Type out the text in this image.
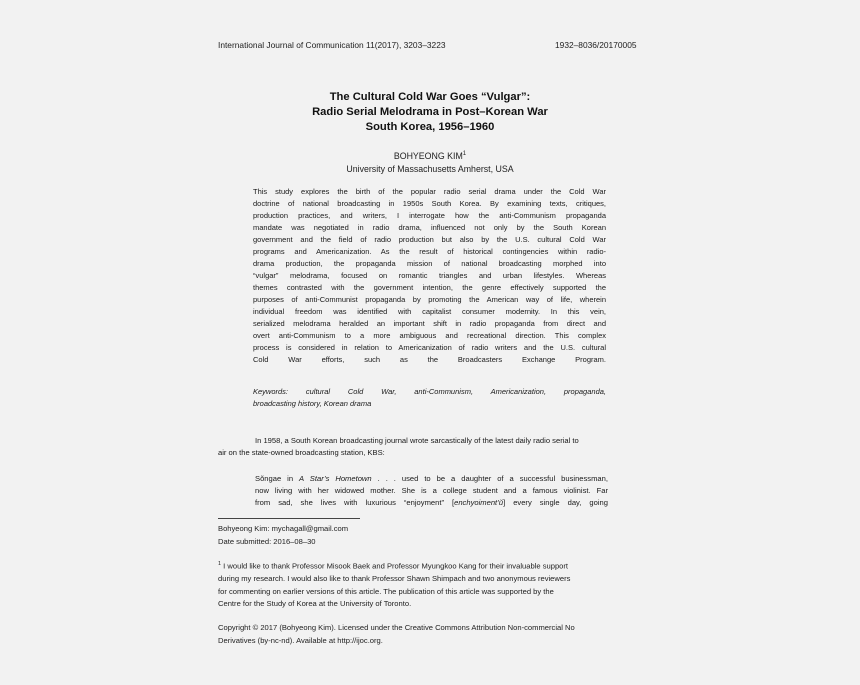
International Journal of Communication 11(2017), 3203–3223	1932–8036/20170005
The Cultural Cold War Goes “Vulgar”:
Radio Serial Melodrama in Post–Korean War
South Korea, 1956–1960
BOHYEONG KIM$^1$
University of Massachusetts Amherst, USA
This study explores the birth of the popular radio serial drama under the Cold War
doctrine of national broadcasting in 1950s South Korea. By examining texts, critiques,
production practices, and writers, I interrogate how the anti-Communism propaganda
mandate was negotiated in radio drama, influenced not only by the South Korean
government and the field of radio production but also by the U.S. cultural Cold War
programs and Americanization. As the result of historical contingencies within radio-
drama production, the propaganda mission of national broadcasting morphed into
“vulgar” melodrama, focused on romantic triangles and urban lifestyles. Whereas
themes contrasted with the government intention, the genre effectively supported the
purposes of anti-Communist propaganda by promoting the American way of life, wherein
individual freedom was identified with capitalist consumer modernity. In this vein,
serialized melodrama heralded an important shift in radio propaganda from direct and
overt anti-Communism to a more ambiguous and recreational direction. This complex
process is considered in relation to Americanization of radio writers and the U.S. cultural
Cold War efforts, such as the Broadcasters Exchange Program.
Keywords: cultural Cold War, anti-Communism, Americanization, propaganda,
broadcasting history, Korean drama
In 1958, a South Korean broadcasting journal wrote sarcastically of the latest daily radio serial to
air on the state-owned broadcasting station, KBS:
Sŏngae in A Star’s Hometown . . . used to be a daughter of a successful businessman,
now living with her widowed mother. She is a college student and a famous violinist. Far
from sad, she lives with luxurious “enjoyment” [enchyoiment’ŭ] every single day, going
Bohyeong Kim: mychagall@gmail.com
Date submitted: 2016–08–30
$^1$ I would like to thank Professor Misook Baek and Professor Myungkoo Kang for their invaluable support
during my research. I would also like to thank Professor Shawn Shimpach and two anonymous reviewers
for commenting on earlier versions of this article. The publication of this article was supported by the
Centre for the Study of Korea at the University of Toronto.
Copyright © 2017 (Bohyeong Kim). Licensed under the Creative Commons Attribution Non-commercial No
Derivatives (by-nc-nd). Available at http://ijoc.org.
